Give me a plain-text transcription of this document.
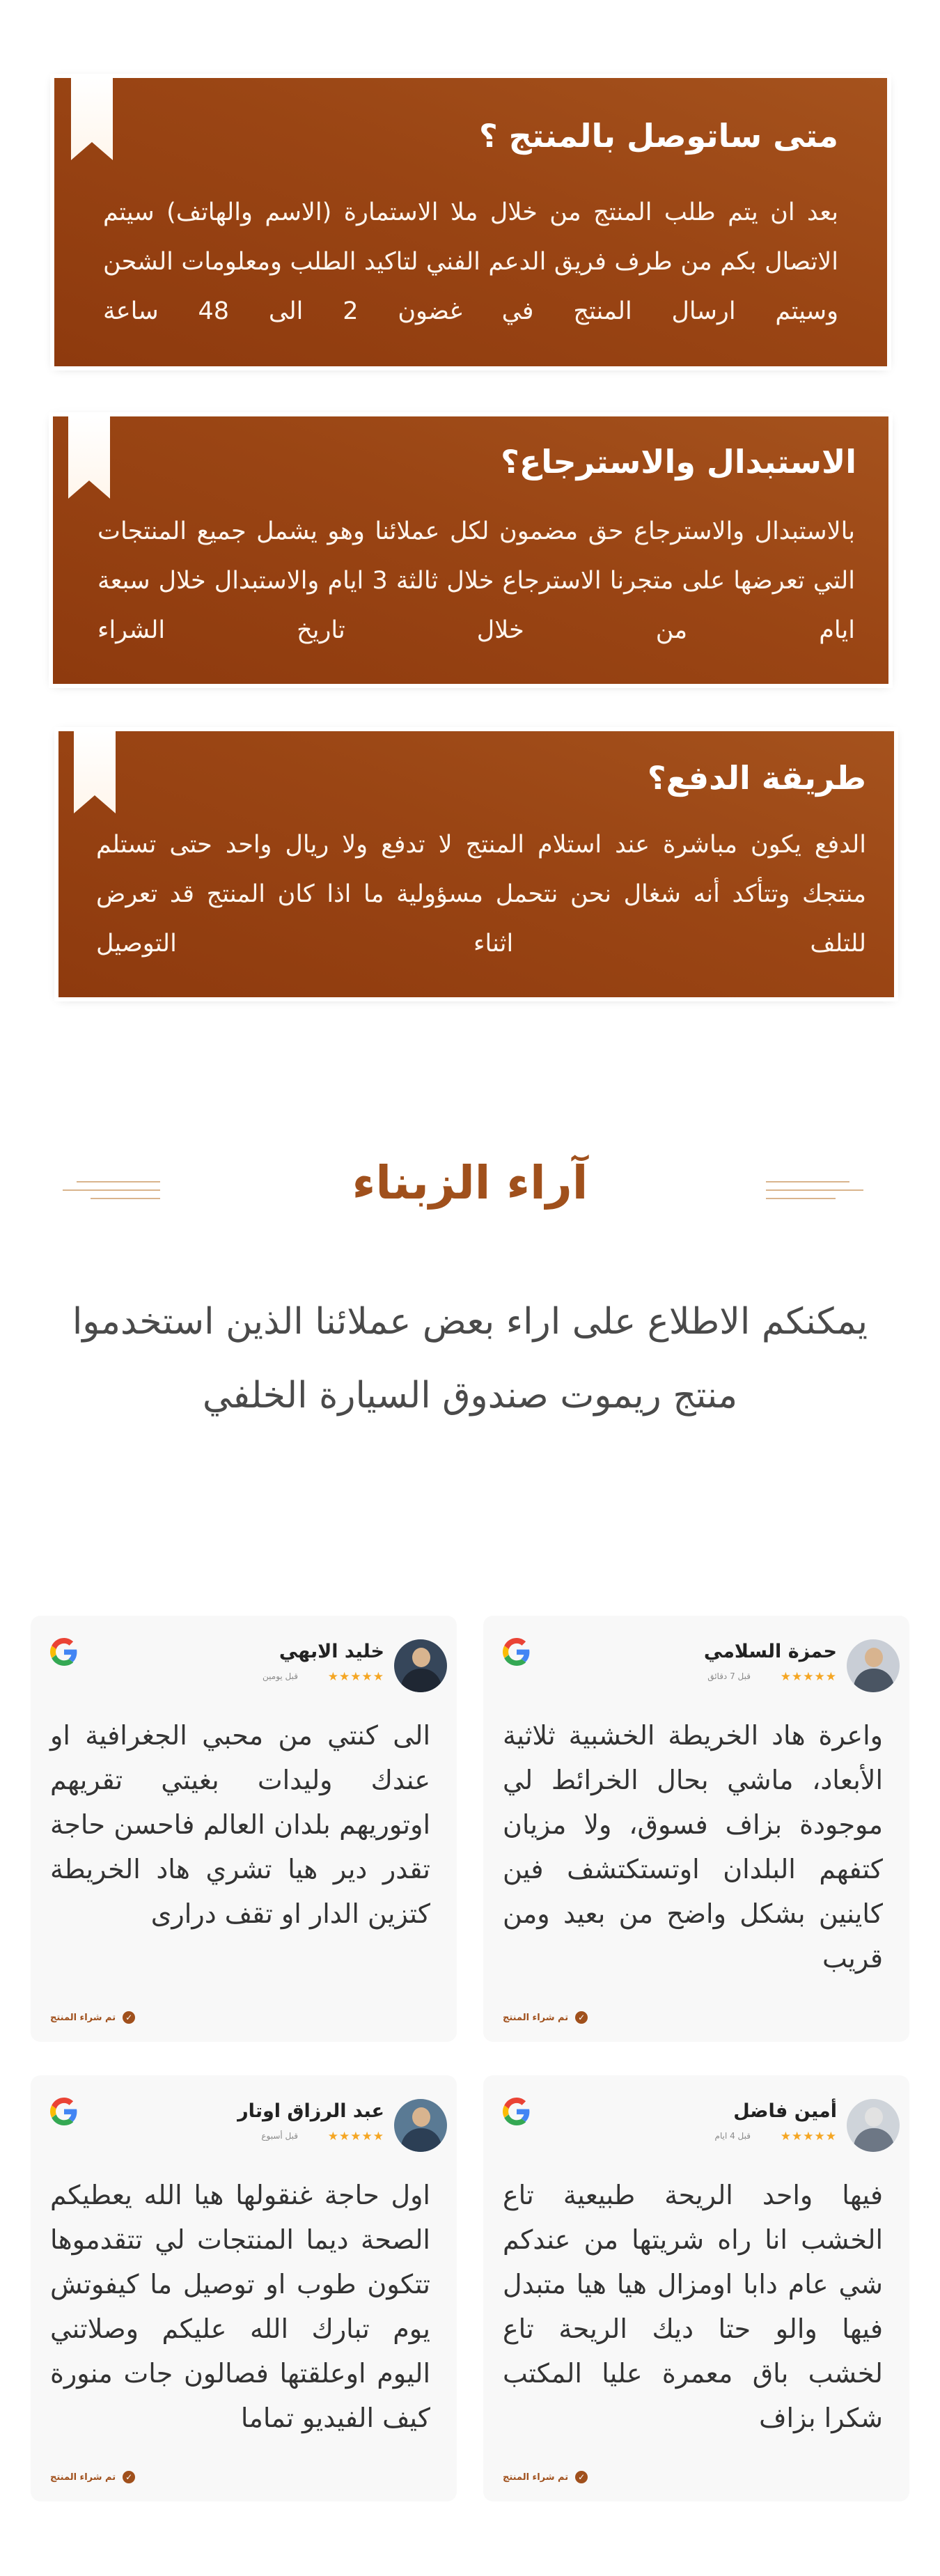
متى ساتوصل بالمنتج ؟

بعد ان يتم طلب المنتج من خلال ملا الاستمارة (الاسم والهاتف) سيتم الاتصال بكم من طرف فريق الدعم الفني لتاكيد الطلب ومعلومات الشحن وسيتم ارسال المنتج في غضون 2 الى 48 ساعة

الاستبدال والاسترجاع؟

بالاستبدال والاسترجاع حق مضمون لكل عملائنا وهو يشمل جميع المنتجات التي تعرضها على متجرنا الاسترجاع خلال ثالثة 3 ايام والاستبدال خلال سبعة ايام من خلال تاريخ الشراء

طريقة الدفع؟

الدفع يكون مباشرة عند استلام المنتج لا تدفع ولا ريال واحد حتى تستلم منتجك وتتأكد أنه شغال نحن نتحمل مسؤولية ما اذا كان المنتج قد تعرض للتلف اثناء التوصيل

آراء الزبناء

يمكنكم الاطلاع على اراء بعض عملائنا الذين استخدموا منتج ريموت صندوق السيارة الخلفي

حمزة السلامي
★★★★★
قبل 7 دقائق
واعرة هاد الخريطة الخشبية ثلاثية الأبعاد، ماشي بحال الخرائط لي موجودة بزاف فسوق، ولا مزيان كتفهم البلدان اوتستكتشف فين كاينين بشكل واضح من بعيد ومن قريب
✓
تم شراء المنتج
خليد الابهي
★★★★★
قبل يومين
الى كنتي من محبي الجغرافية او عندك وليدات بغيتي تقريهم اوتوريهم بلدان العالم فاحسن حاجة تقدر دير هيا تشري هاد الخريطة كتزين الدار او تقف درارى
✓
تم شراء المنتج
أمين فاضل
★★★★★
قبل 4 ايام
فيها واحد الريحة طبيعية تاع الخشب انا راه شريتها من عندكم شي عام دابا اومزال هيا هيا متبدل فيها والو حتا ديك الريحة تاع لخشب باق معمرة عليا المكتب شكرا بزاف
✓
تم شراء المنتج
عبد الرزاق اوتار
★★★★★
قبل أسبوع
اول حاجة غنقولها هيا الله يعطيكم الصحة ديما المنتجات لي تتقدموها تتكون طوب او توصيل ما كيفوتش يوم تبارك الله عليكم وصلاتني اليوم اوعلقتها فصالون جات منورة كيف الفيديو تماما
✓
تم شراء المنتج
